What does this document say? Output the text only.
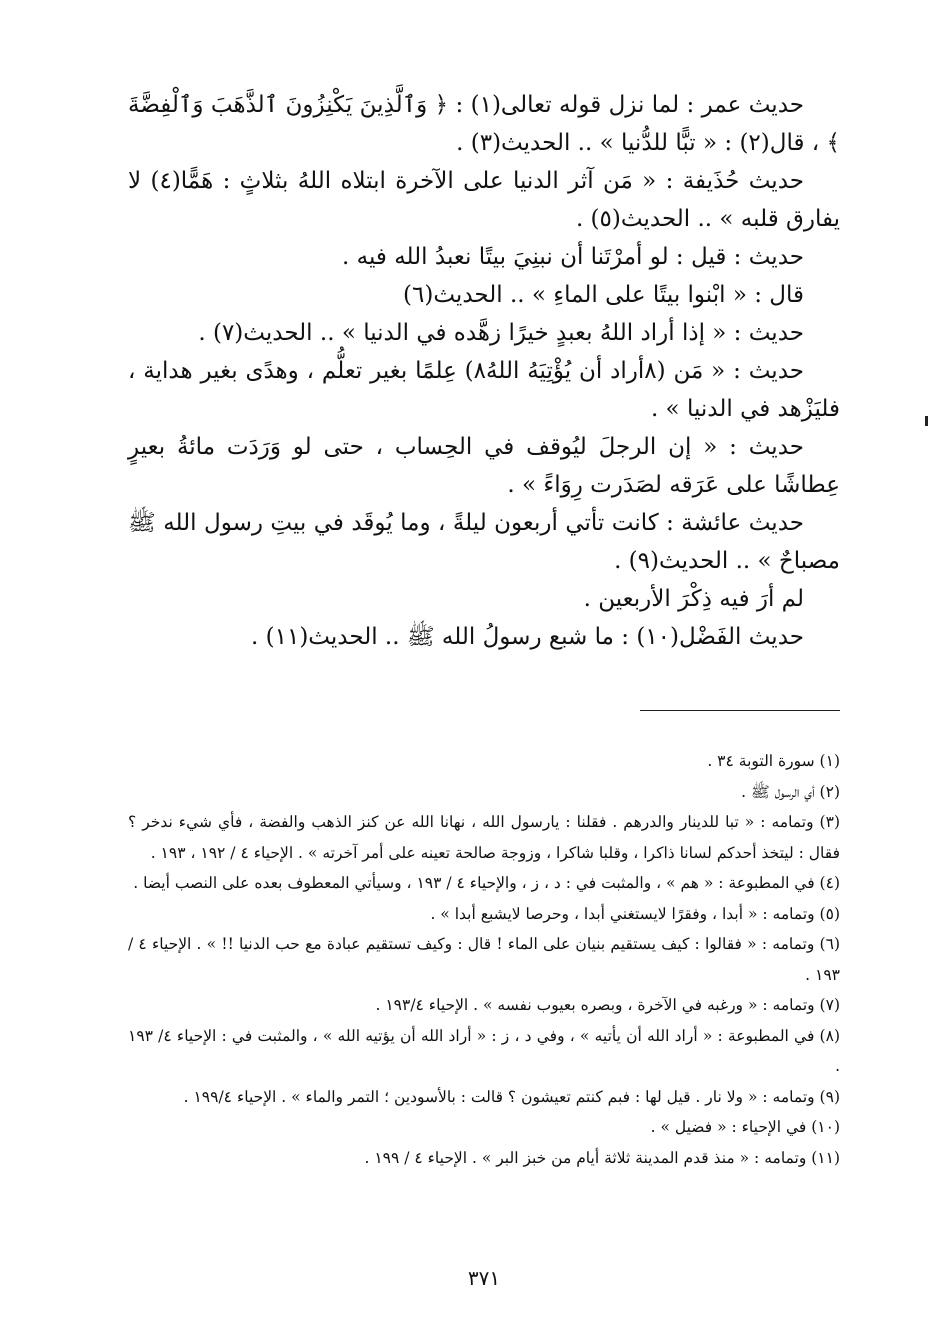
حديث عمر : لما نزل قوله تعالى(١) : ﴿ وَٱلَّذِينَ يَكْنِزُونَ ٱلذَّهَبَ وَٱلْفِضَّةَ ﴾ ، قال(٢) : « تبًّا للدُّنيا » .. الحديث(٣) .

حديث حُذَيفة : « مَن آثر الدنيا على الآخرة ابتلاه اللهُ بثلاثٍ : هَمًّا(٤) لا يفارق قلبه » .. الحديث(٥) .

حديث : قيل : لو أمرْتَنا أن نبنِيَ بيتًا نعبدُ الله فيه .

قال : « ابْنوا بيتًا على الماءِ » .. الحديث(٦)

حديث : « إذا أراد اللهُ بعبدٍ خيرًا زهَّده في الدنيا » .. الحديث(٧) .

حديث : « مَن (٨أراد أن يُؤْتِيَهُ اللهُ٨) عِلمًا بغير تعلُّم ، وهدًى بغير هداية ، فليَزْهد في الدنيا » .

حديث : « إن الرجلَ ليُوقف في الحِساب ، حتى لو وَرَدَت مائةُ بعيرٍ عِطاشًا على عَرَقه لصَدَرت رِوَاءً » .

حديث عائشة : كانت تأتي أربعون ليلةً ، وما يُوقَد في بيتِ رسول الله ﷺ مصباحٌ » .. الحديث(٩) .

لم أرَ فيه ذِكْرَ الأربعين .

حديث الفَضْل(١٠) : ما شبع رسولُ الله ﷺ .. الحديث(١١) .

(١) سورة التوبة ٣٤ .

(٢) أي الرسول ﷺ .

(٣) وتمامه : « تبا للدينار والدرهم . فقلنا : يارسول الله ، نهانا الله عن كنز الذهب والفضة ، فأي شيء ندخر ؟ فقال : ليتخذ أحدكم لسانا ذاكرا ، وقلبا شاكرا ، وزوجة صالحة تعينه على أمر آخرته » . الإحياء ٤ / ١٩٢ ، ١٩٣ .

(٤) في المطبوعة : « هم » ، والمثبت في : د ، ز ، والإحياء ٤ / ١٩٣ ، وسيأتي المعطوف بعده على النصب أيضا .

(٥) وتمامه : « أبدا ، وفقرًا لايستغني أبدا ، وحرصا لايشبع أبدا » .

(٦) وتمامه : « فقالوا : كيف يستقيم بنيان على الماء ! قال : وكيف تستقيم عبادة مع حب الدنيا !! » . الإحياء ٤ / ١٩٣ .

(٧) وتمامه : « ورغبه في الآخرة ، وبصره بعيوب نفسه » . الإحياء ١٩٣/٤ .

(٨) في المطبوعة : « أراد الله أن يأتيه » ، وفي د ، ز : « أراد الله أن يؤتيه الله » ، والمثبت في : الإحياء ٤/ ١٩٣ .

(٩) وتمامه : « ولا نار . قيل لها : فبم كنتم تعيشون ؟ قالت : بالأسودين ؛ التمر والماء » . الإحياء ١٩٩/٤ .

(١٠) في الإحياء : « فضيل » .

(١١) وتمامه : « منذ قدم المدينة ثلاثة أيام من خبز البر » . الإحياء ٤ / ١٩٩ .

٣٧١
